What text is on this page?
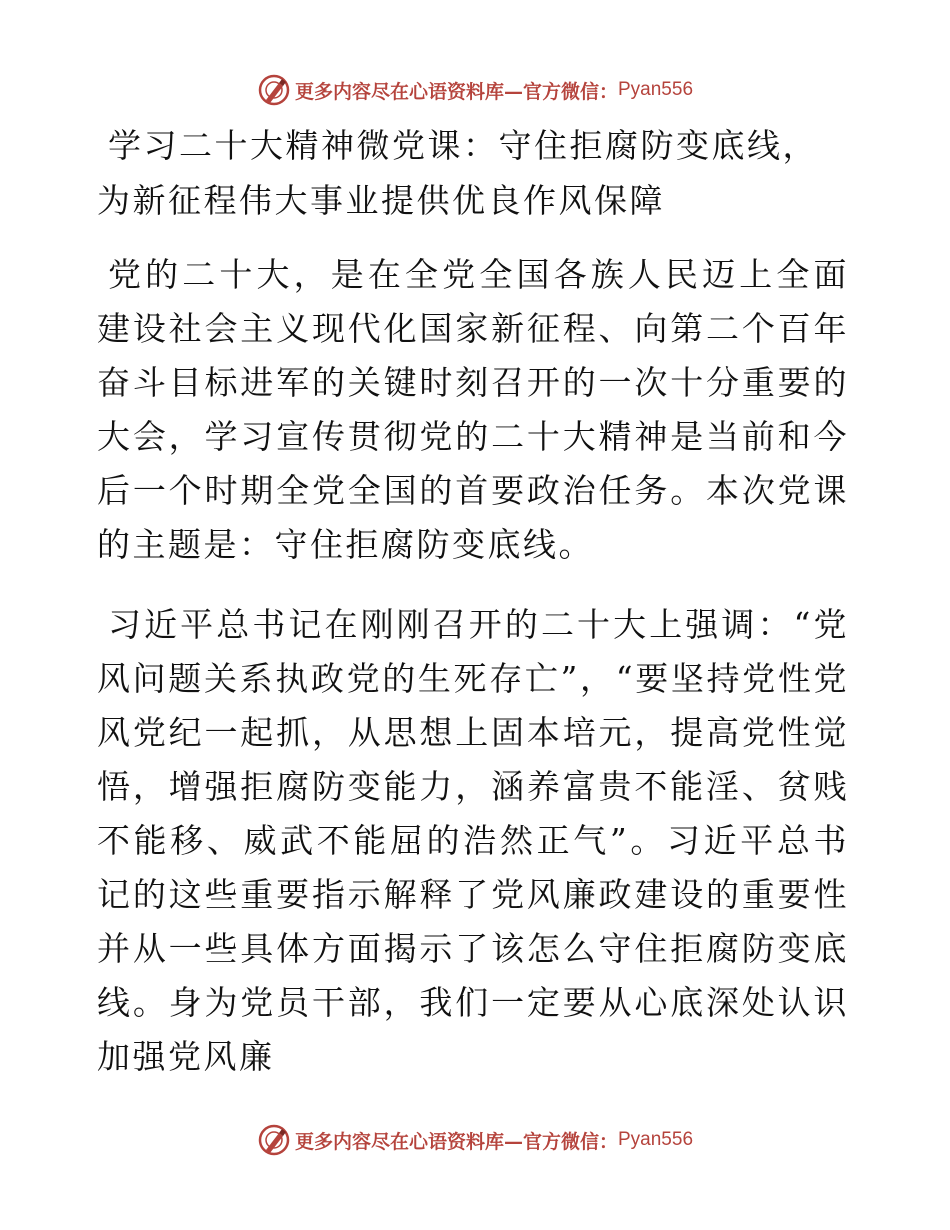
更多内容尽在心语资料库—官方微信： Pyan556
学习二十大精神微党课：守住拒腐防变底线，为新征程伟大事业提供优良作风保障

党的二十大，是在全党全国各族人民迈上全面建设社会主义现代化国家新征程、向第二个百年奋斗目标进军的关键时刻召开的一次十分重要的大会，学习宣传贯彻党的二十大精神是当前和今后一个时期全党全国的首要政治任务。本次党课的主题是：守住拒腐防变底线。

习近平总书记在刚刚召开的二十大上强调：“党风问题关系执政党的生死存亡”，“要坚持党性党风党纪一起抓，从思想上固本培元，提高党性觉悟，增强拒腐防变能力，涵养富贵不能淫、贫贱不能移、威武不能屈的浩然正气”。习近平总书记的这些重要指示解释了党风廉政建设的重要性并从一些具体方面揭示了该怎么守住拒腐防变底线。身为党员干部，我们一定要从心底深处认识加强党风廉

更多内容尽在心语资料库—官方微信： Pyan556
